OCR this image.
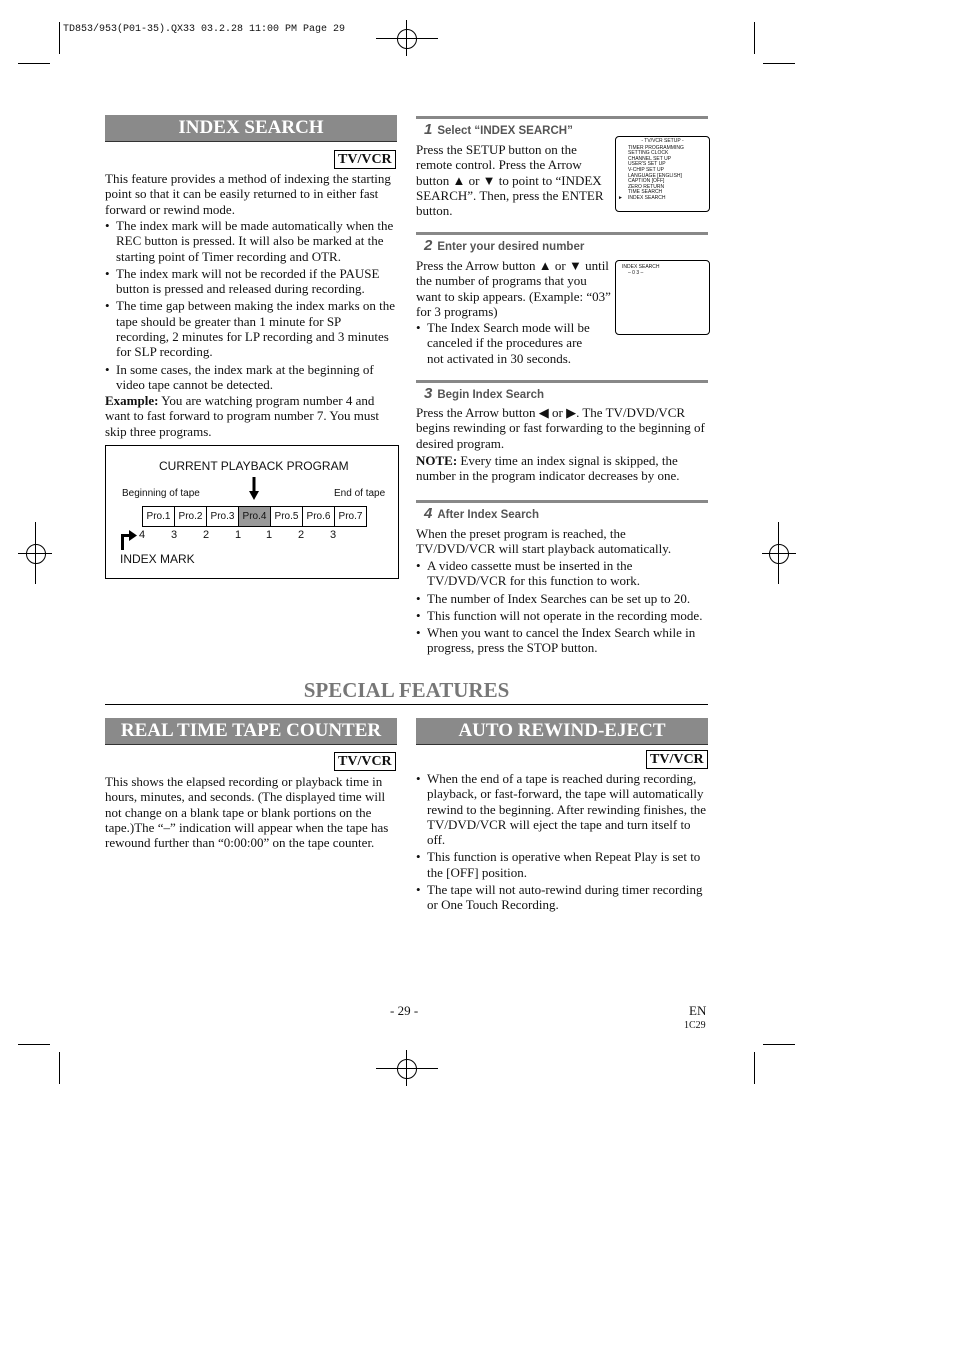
TD853/953(P01-35).QX33 03.2.28 11:00 PM Page 29
INDEX SEARCH
TV/VCR
This feature provides a method of indexing the starting point so that it can be easily returned to in either fast forward or rewind mode.
• The index mark will be made automatically when the REC button is pressed. It will also be marked at the starting point of Timer recording and OTR.
• The index mark will not be recorded if the PAUSE button is pressed and released during recording.
• The time gap between making the index marks on the tape should be greater than 1 minute for SP recording, 2 minutes for LP recording and 3 minutes for SLP recording.
• In some cases, the index mark at the beginning of video tape cannot be detected.
Example: You are watching program number 4 and want to fast forward to program number 7. You must skip three programs.
CURRENT PLAYBACK PROGRAM
Beginning of tape	End of tape
Pro.1 Pro.2 Pro.3 Pro.4 Pro.5 Pro.6 Pro.7
4 3 2 1 1 2 3
INDEX MARK
1 Select “INDEX SEARCH”
Press the SETUP button on the remote control. Press the Arrow button ▲ or ▼ to point to “INDEX SEARCH”. Then, press the ENTER button.
- TV/VCR SETUP -
TIMER PROGRAMMING
SETTING CLOCK
CHANNEL SET UP
USER'S SET UP
V-CHIP SET UP
LANGUAGE [ENGLISH]
CAPTION [OFF]
ZERO RETURN
TIME SEARCH
► INDEX SEARCH
2 Enter your desired number
Press the Arrow button ▲ or ▼ until the number of programs that you want to skip appears. (Example: “03” for 3 programs)
• The Index Search mode will be canceled if the procedures are not activated in 30 seconds.
INDEX SEARCH
– 0 3 –
3 Begin Index Search
Press the Arrow button ◀ or ▶. The TV/DVD/VCR begins rewinding or fast forwarding to the beginning of desired program.
NOTE: Every time an index signal is skipped, the number in the program indicator decreases by one.
4 After Index Search
When the preset program is reached, the TV/DVD/VCR will start playback automatically.
• A video cassette must be inserted in the TV/DVD/VCR for this function to work.
• The number of Index Searches can be set up to 20.
• This function will not operate in the recording mode.
• When you want to cancel the Index Search while in progress, press the STOP button.
SPECIAL FEATURES
REAL TIME TAPE COUNTER
TV/VCR
This shows the elapsed recording or playback time in hours, minutes, and seconds. (The displayed time will not change on a blank tape or blank portions on the tape.)The “–” indication will appear when the tape has rewound further than “0:00:00” on the tape counter.
AUTO REWIND-EJECT
TV/VCR
• When the end of a tape is reached during recording, playback, or fast-forward, the tape will automatically rewind to the beginning. After rewinding finishes, the TV/DVD/VCR will eject the tape and turn itself to off.
• This function is operative when Repeat Play is set to the [OFF] position.
• The tape will not auto-rewind during timer recording or One Touch Recording.
- 29 -	EN
1C29
